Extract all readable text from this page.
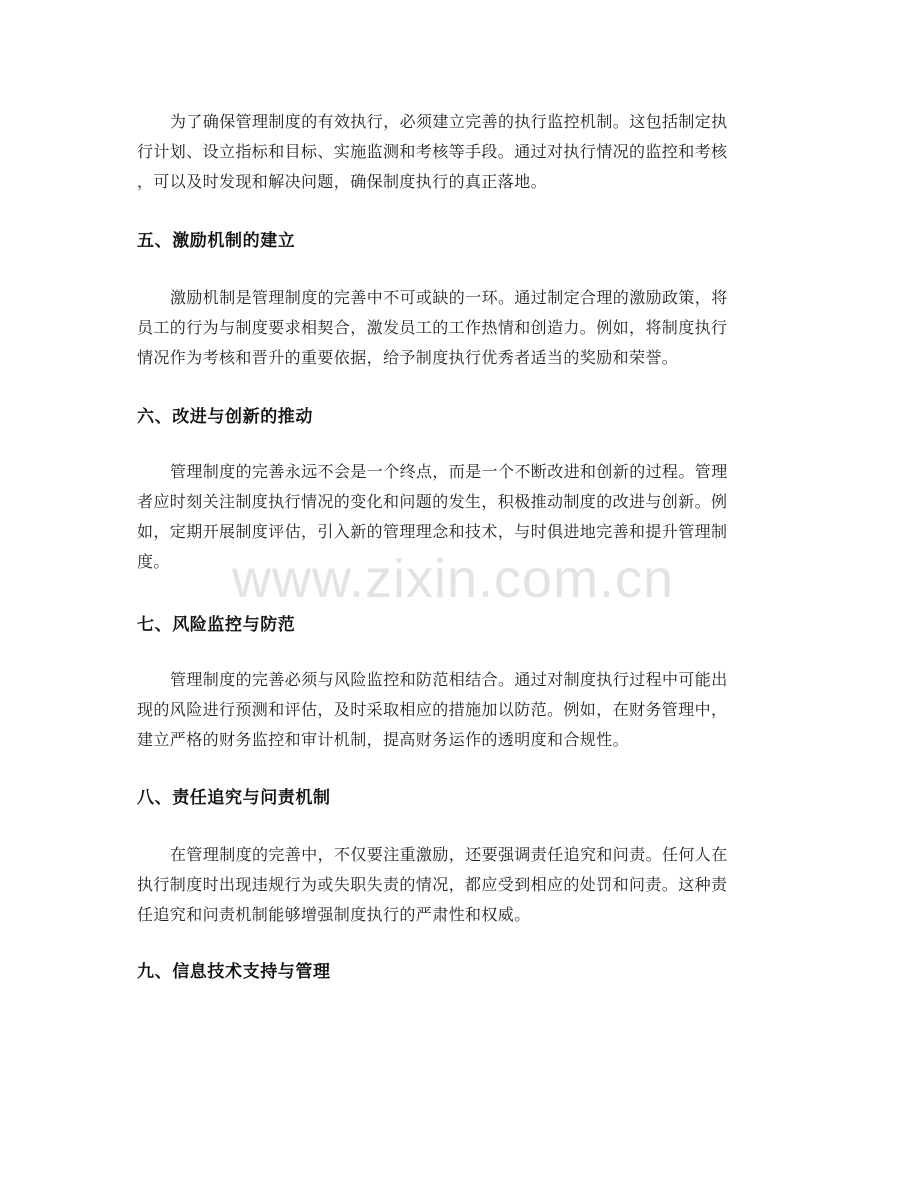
www.zixin.com.cn

为了确保管理制度的有效执行，必须建立完善的执行监控机制。这包括制定执
行计划、设立指标和目标、实施监测和考核等手段。通过对执行情况的监控和考核
，可以及时发现和解决问题，确保制度执行的真正落地。

五、激励机制的建立

激励机制是管理制度的完善中不可或缺的一环。通过制定合理的激励政策，将
员工的行为与制度要求相契合，激发员工的工作热情和创造力。例如，将制度执行
情况作为考核和晋升的重要依据，给予制度执行优秀者适当的奖励和荣誉。

六、改进与创新的推动

管理制度的完善永远不会是一个终点，而是一个不断改进和创新的过程。管理
者应时刻关注制度执行情况的变化和问题的发生，积极推动制度的改进与创新。例
如，定期开展制度评估，引入新的管理理念和技术，与时俱进地完善和提升管理制
度。

七、风险监控与防范

管理制度的完善必须与风险监控和防范相结合。通过对制度执行过程中可能出
现的风险进行预测和评估，及时采取相应的措施加以防范。例如，在财务管理中，
建立严格的财务监控和审计机制，提高财务运作的透明度和合规性。

八、责任追究与问责机制

在管理制度的完善中，不仅要注重激励，还要强调责任追究和问责。任何人在
执行制度时出现违规行为或失职失责的情况，都应受到相应的处罚和问责。这种责
任追究和问责机制能够增强制度执行的严肃性和权威。

九、信息技术支持与管理
